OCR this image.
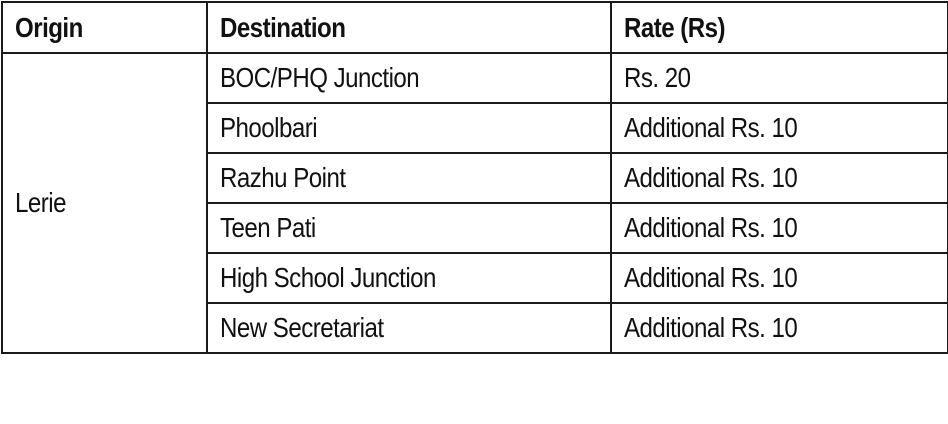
Origin	Destination	Rate (Rs)
Lerie	BOC/PHQ Junction	Rs. 20
	Phoolbari	Additional Rs. 10
	Razhu Point	Additional Rs. 10
	Teen Pati	Additional Rs. 10
	High School Junction	Additional Rs. 10
	New Secretariat	Additional Rs. 10
